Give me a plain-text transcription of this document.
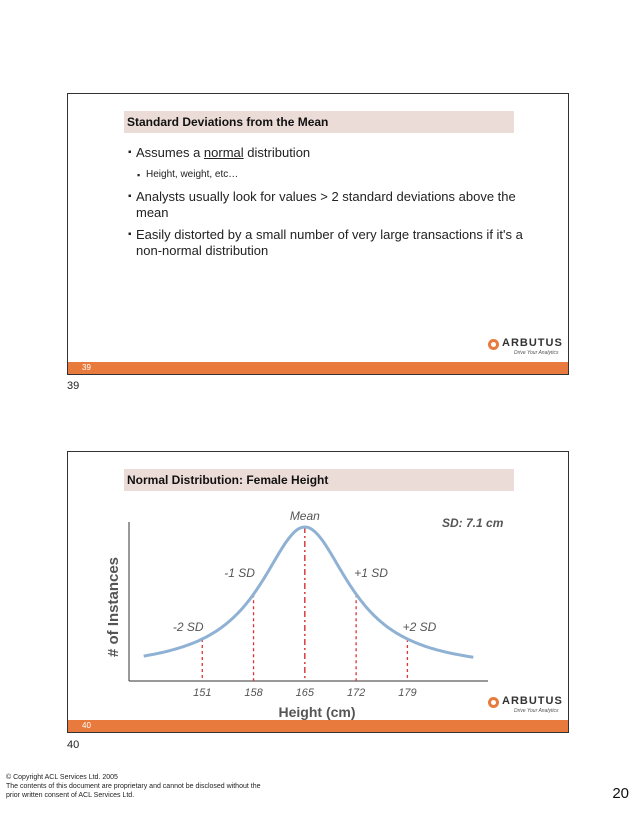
Standard Deviations from the Mean
▪ Assumes a normal distribution
▪ Height, weight, etc…
▪ Analysts usually look for values > 2 standard deviations above the mean
▪ Easily distorted by a small number of very large transactions if it's a non-normal distribution
ARBUTUS
Drive Your Analytics
39
39
Normal Distribution: Female Height
151	158	165	172	179
Mean
-1 SD	+1 SD
-2 SD	+2 SD
# of Instances
Height (cm)
SD: 7.1 cm
ARBUTUS
Drive Your Analytics
40
40
© Copyright ACL Services Ltd. 2005
The contents of this document are proprietary and cannot be disclosed without the
prior written consent of ACL Services Ltd.	20
